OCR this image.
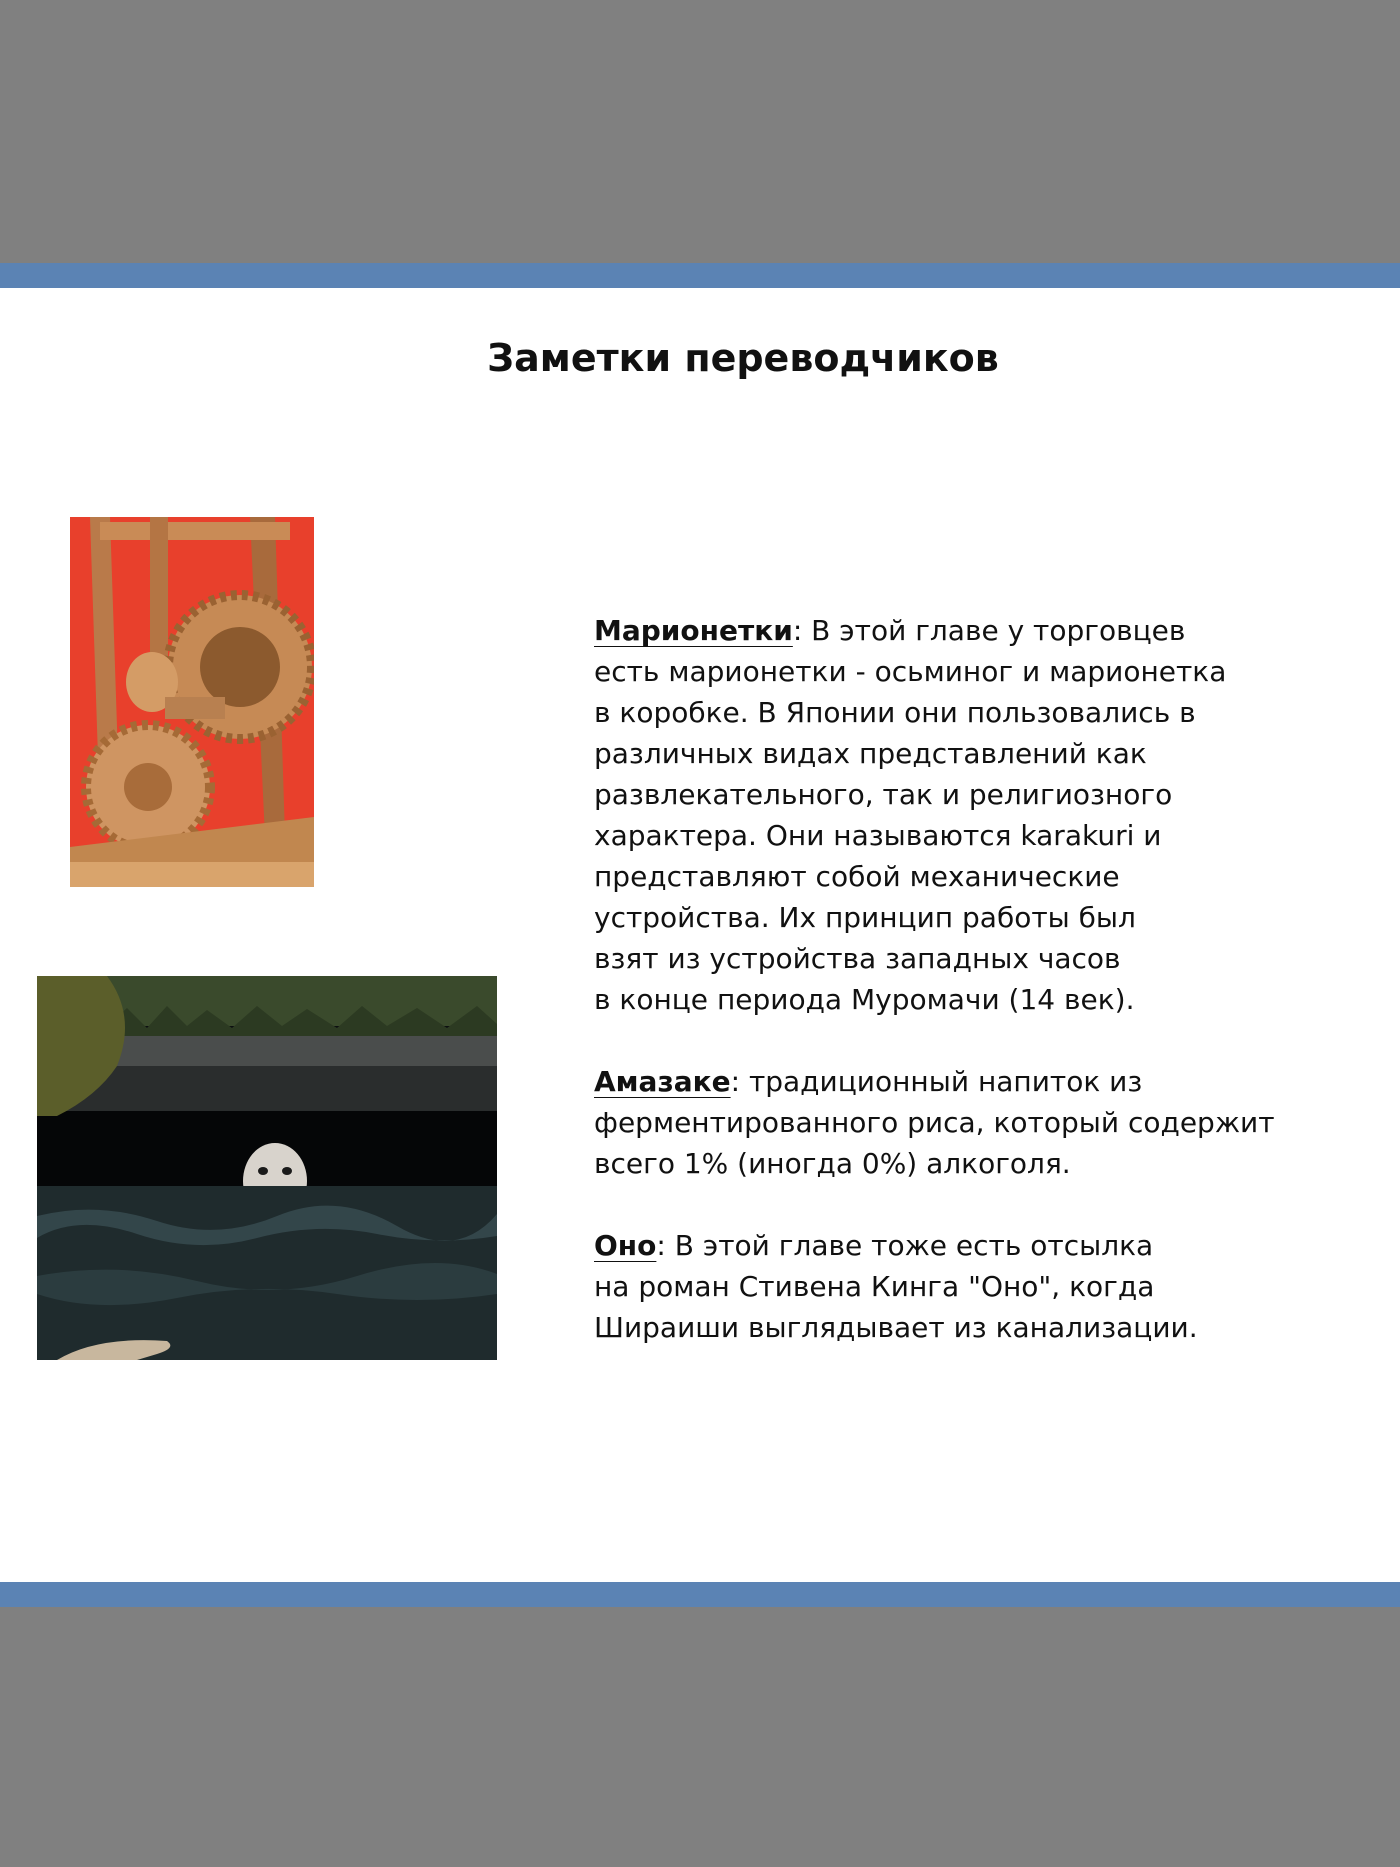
Заметки переводчиков

Марионетки: В этой главе у торговцев
есть марионетки - осьминог и марионетка
в коробке. В Японии они пользовались в
различных видах представлений как
развлекательного, так и религиозного
характера. Они называются karakuri и
представляют собой механические
устройства. Их принцип работы был
взят из устройства западных часов
в конце периода Муромачи (14 век).

Амазаке: традиционный напиток из
ферментированного риса, который содержит
всего 1% (иногда 0%) алкоголя.

Оно: В этой главе тоже есть отсылка
на роман Стивена Кинга "Оно", когда
Шираиши выглядывает из канализации.
